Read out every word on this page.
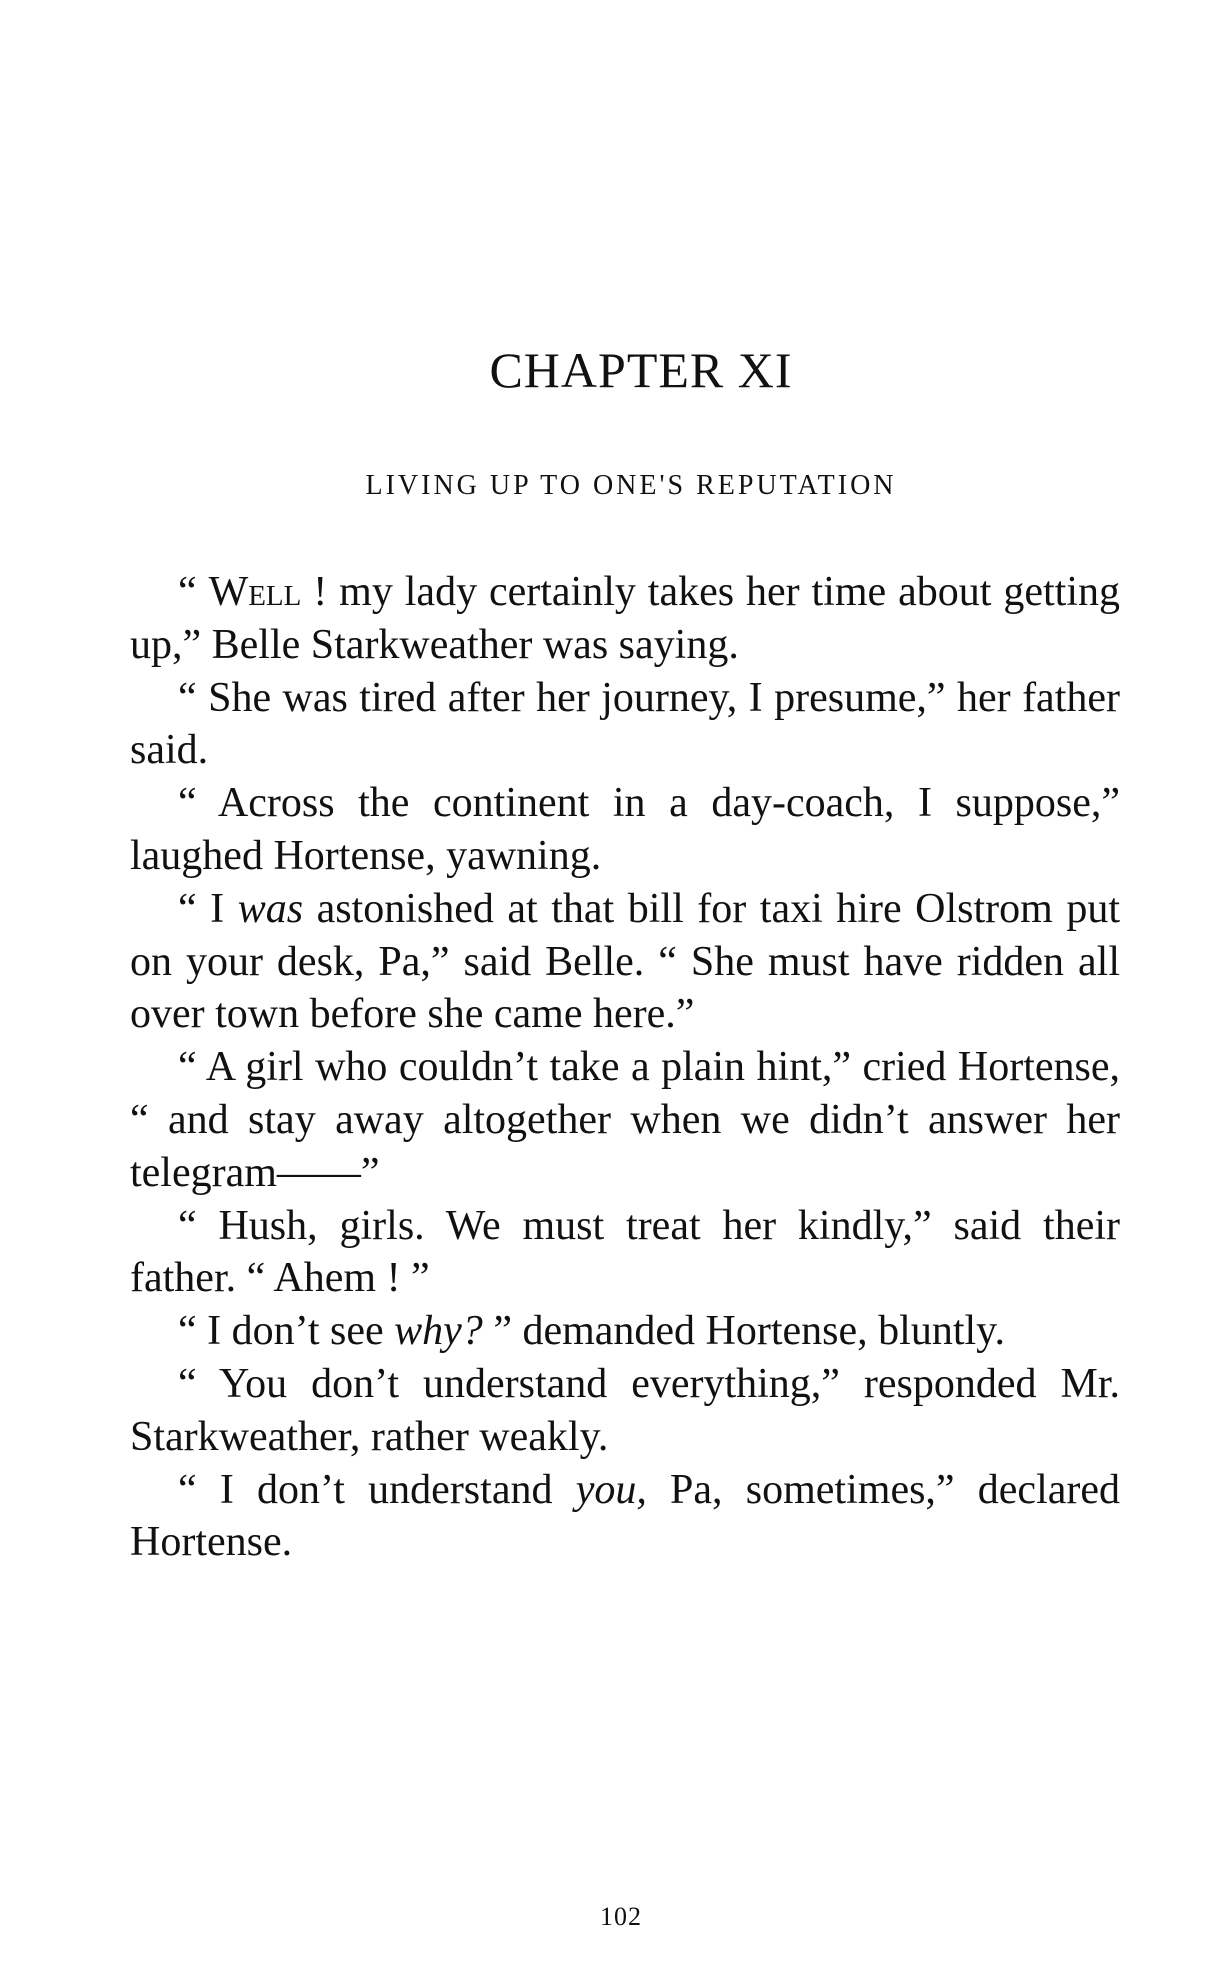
CHAPTER XI
LIVING UP TO ONE'S REPUTATION

“ Well ! my lady certainly takes her time about getting up,” Belle Starkweather was saying.

“ She was tired after her journey, I presume,” her father said.

“ Across the continent in a day-coach, I suppose,” laughed Hortense, yawning.

“ I was astonished at that bill for taxi hire Olstrom put on your desk, Pa,” said Belle. “ She must have ridden all over town before she came here.”

“ A girl who couldn’t take a plain hint,” cried Hortense, “ and stay away altogether when we didn’t answer her telegram——”

“ Hush, girls. We must treat her kindly,” said their father. “ Ahem ! ”

“ I don’t see why? ” demanded Hortense, bluntly.

“ You don’t understand everything,” responded Mr. Starkweather, rather weakly.

“ I don’t understand you, Pa, sometimes,” declared Hortense.

102
